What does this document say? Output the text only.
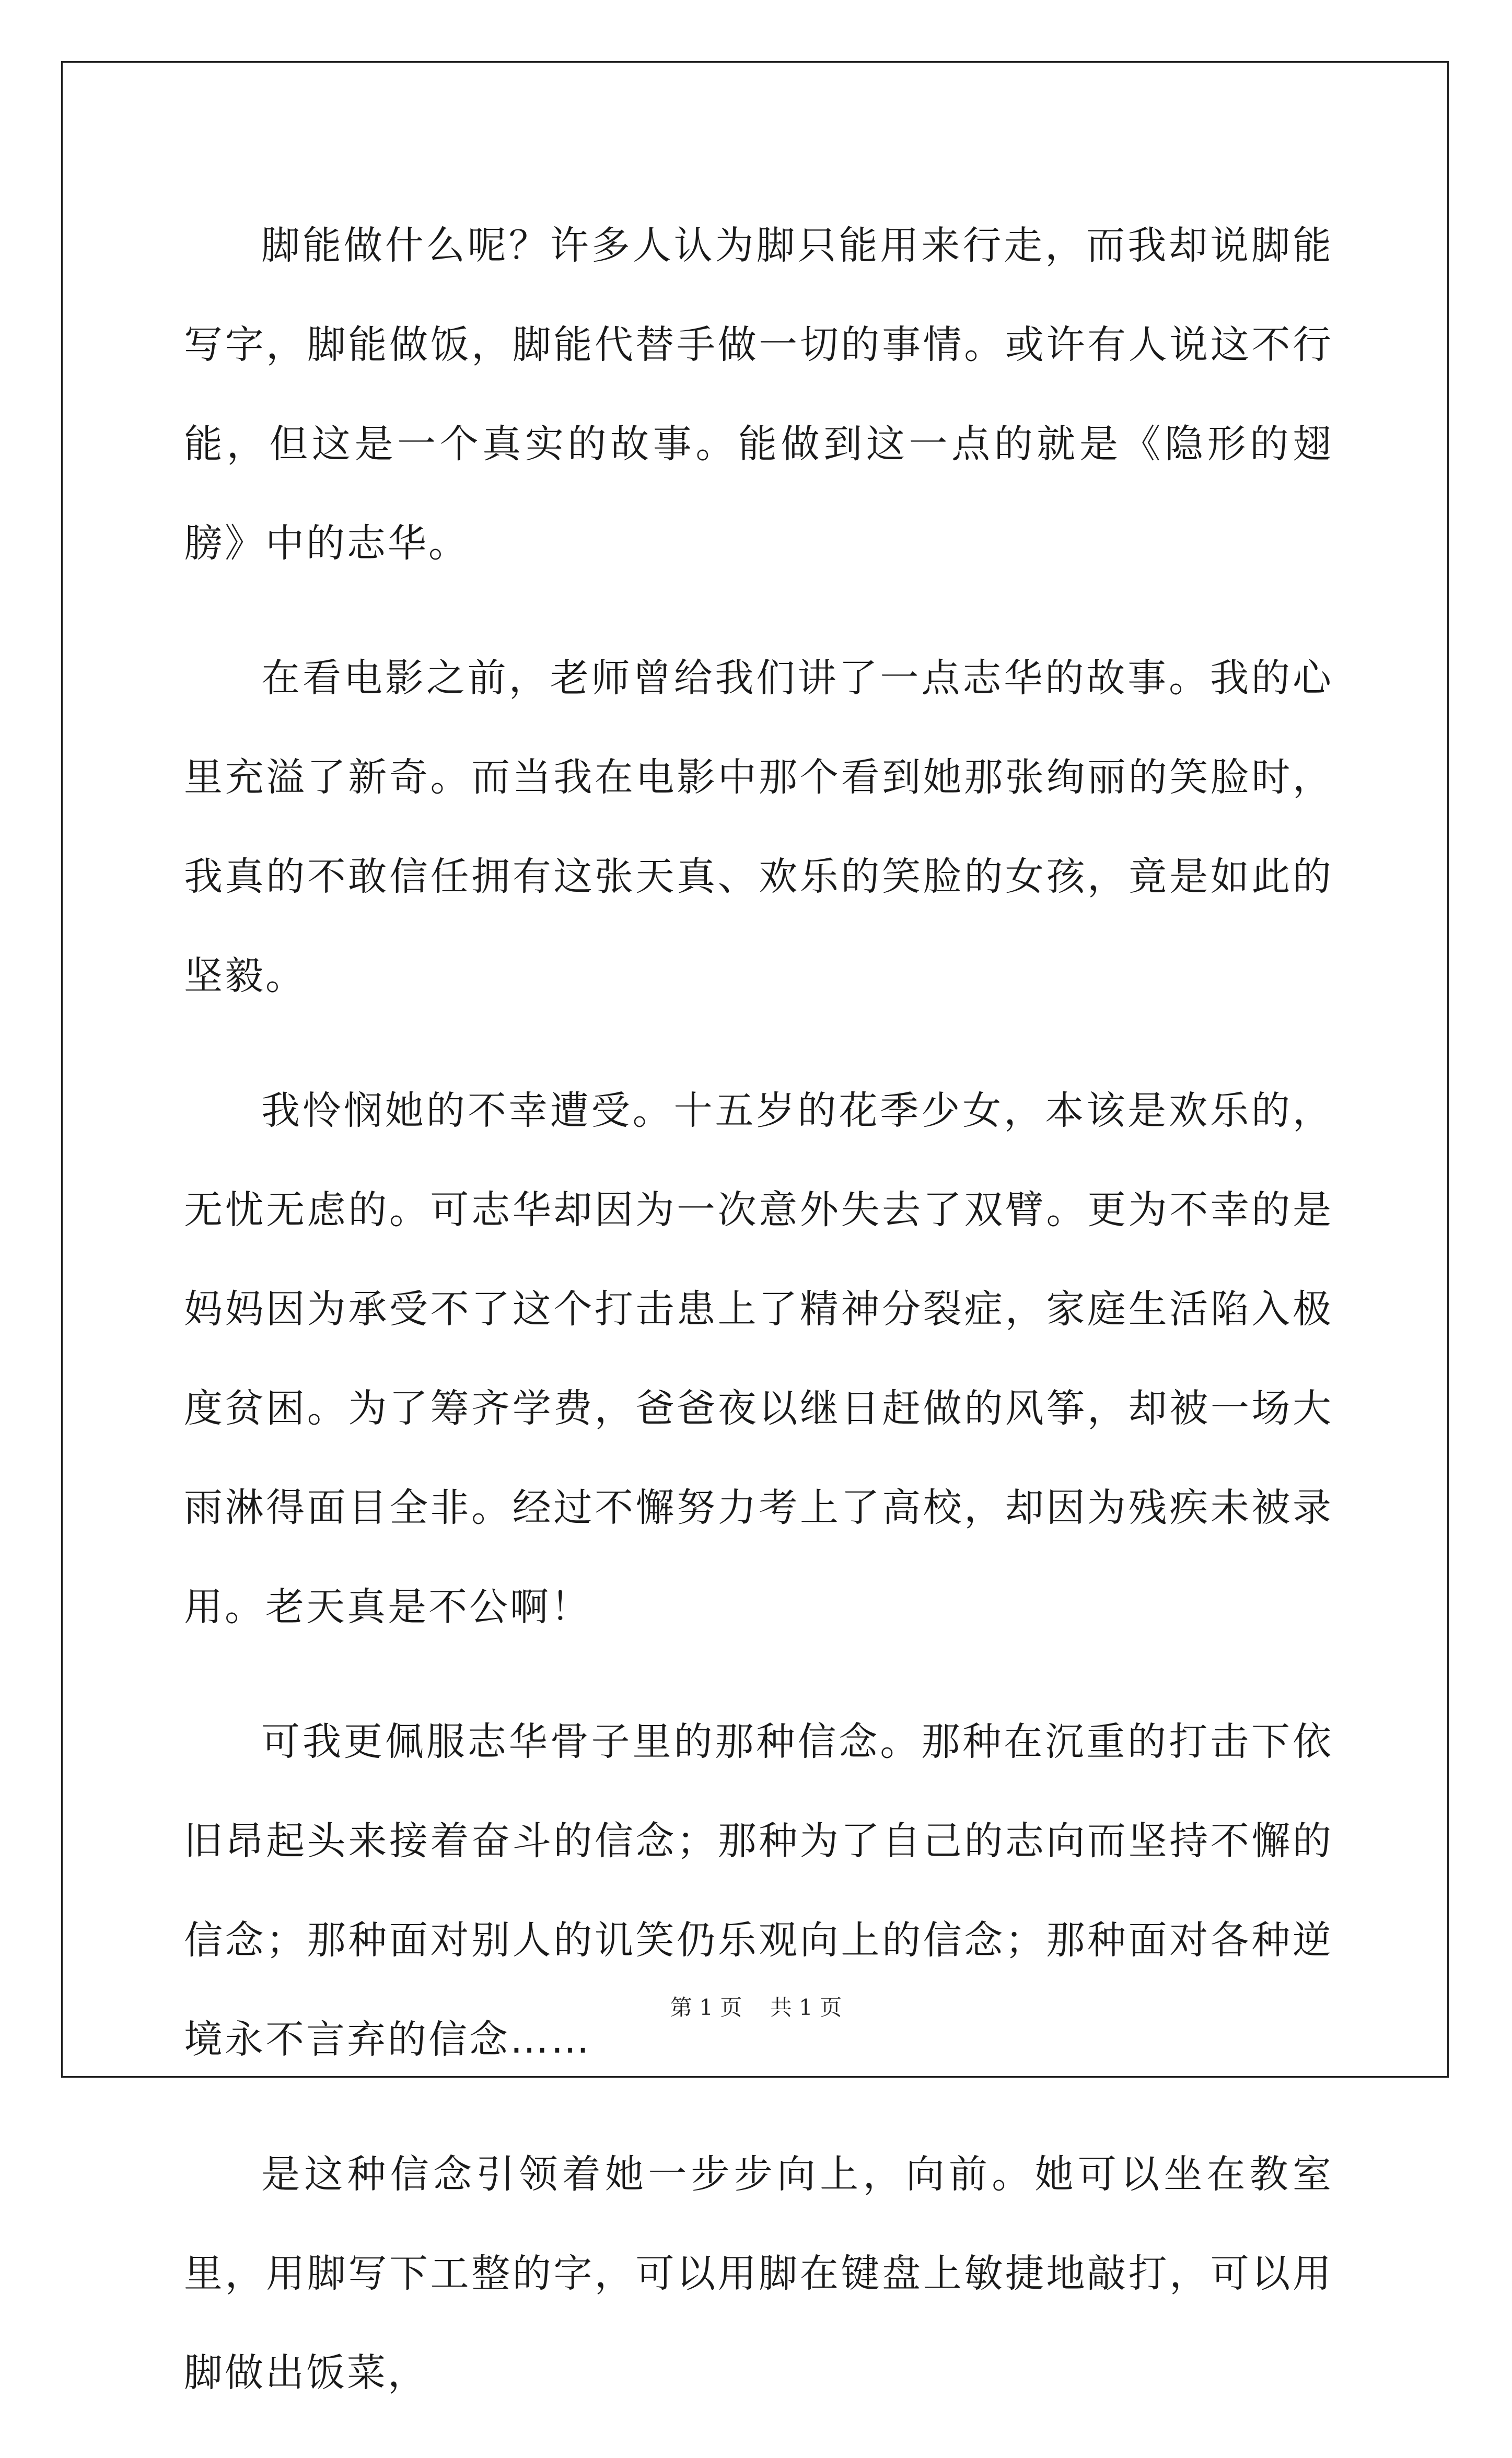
脚能做什么呢？许多人认为脚只能用来行走，而我却说脚能写字，脚能做饭，脚能代替手做一切的事情。或许有人说这不行能，但这是一个真实的故事。能做到这一点的就是《隐形的翅膀》中的志华。

在看电影之前，老师曾给我们讲了一点志华的故事。我的心里充溢了新奇。而当我在电影中那个看到她那张绚丽的笑脸时，我真的不敢信任拥有这张天真、欢乐的笑脸的女孩，竟是如此的坚毅。

我怜悯她的不幸遭受。十五岁的花季少女，本该是欢乐的，无忧无虑的。可志华却因为一次意外失去了双臂。更为不幸的是妈妈因为承受不了这个打击患上了精神分裂症，家庭生活陷入极度贫困。为了筹齐学费，爸爸夜以继日赶做的风筝，却被一场大雨淋得面目全非。经过不懈努力考上了高校，却因为残疾未被录用。老天真是不公啊！

可我更佩服志华骨子里的那种信念。那种在沉重的打击下依旧昂起头来接着奋斗的信念；那种为了自己的志向而坚持不懈的信念；那种面对别人的讥笑仍乐观向上的信念；那种面对各种逆境永不言弃的信念……

是这种信念引领着她一步步向上，向前。她可以坐在教室里，用脚写下工整的字，可以用脚在键盘上敏捷地敲打，可以用脚做出饭菜，

第 1 页 共 1 页
